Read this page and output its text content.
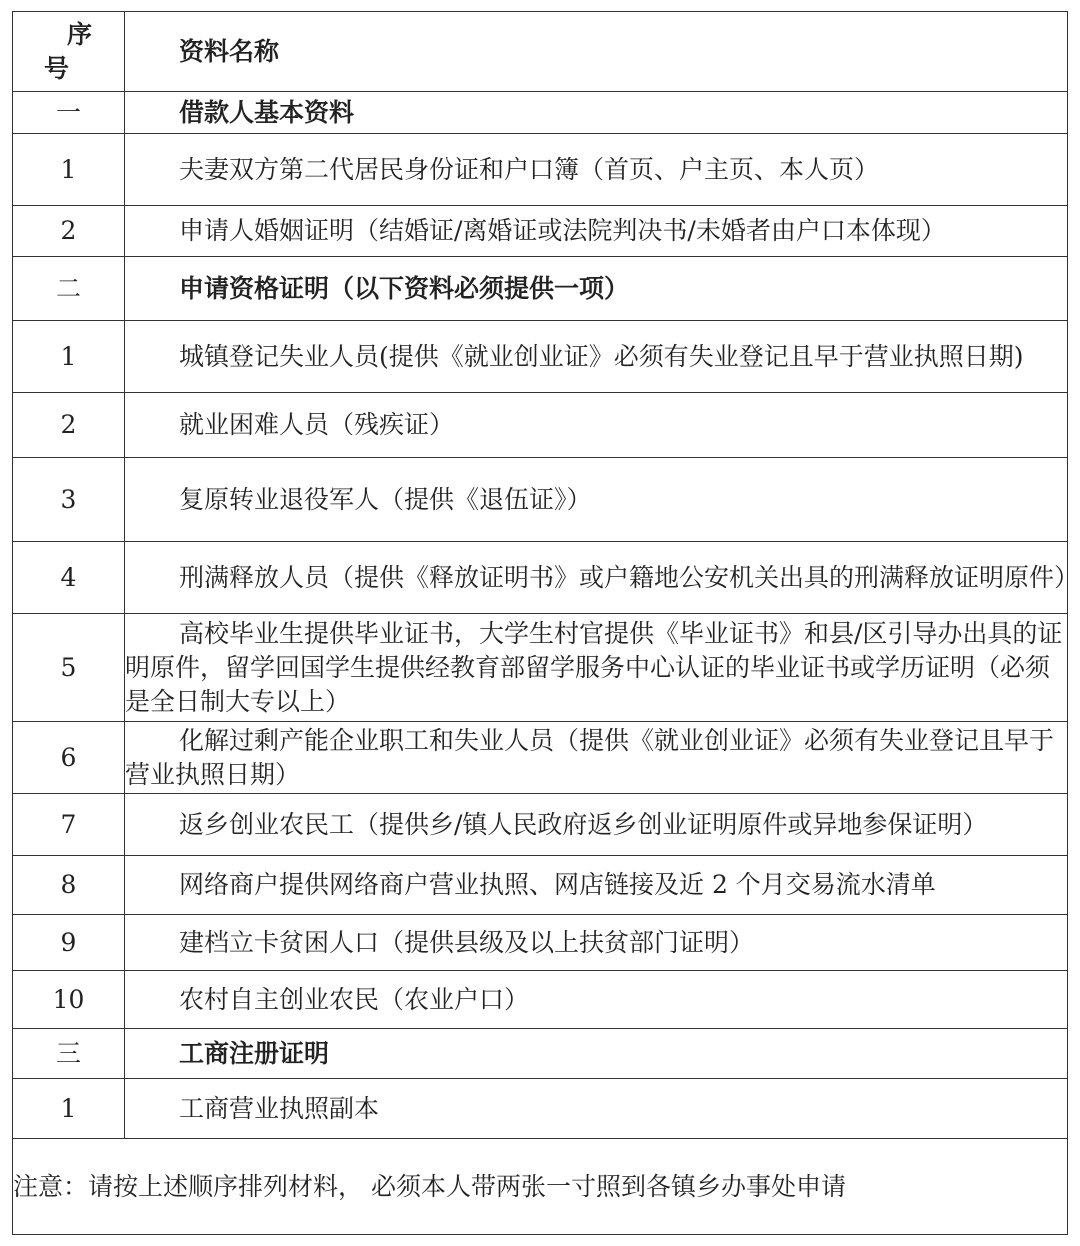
序
号	资料名称

一	借款人基本资料

1	夫妻双方第二代居民身份证和户口簿（首页、户主页、本人页）

2	申请人婚姻证明（结婚证/离婚证或法院判决书/未婚者由户口本体现）

二	申请资格证明（以下资料必须提供一项）

1	城镇登记失业人员(提供《就业创业证》必须有失业登记且早于营业执照日期)

2	就业困难人员（残疾证）

3	复原转业退役军人（提供《退伍证》）

4	刑满释放人员（提供《释放证明书》或户籍地公安机关出具的刑满释放证明原件）

5	高校毕业生提供毕业证书，大学生村官提供《毕业证书》和县/区引导办出具的证明原件，留学回国学生提供经教育部留学服务中心认证的毕业证书或学历证明（必须是全日制大专以上）

6	化解过剩产能企业职工和失业人员（提供《就业创业证》必须有失业登记且早于营业执照日期）

7	返乡创业农民工（提供乡/镇人民政府返乡创业证明原件或异地参保证明）

8	网络商户提供网络商户营业执照、网店链接及近 2 个月交易流水清单

9	建档立卡贫困人口（提供县级及以上扶贫部门证明）

10	农村自主创业农民（农业户口）

三	工商注册证明

1	工商营业执照副本

注意：请按上述顺序排列材料， 必须本人带两张一寸照到各镇乡办事处申请	
